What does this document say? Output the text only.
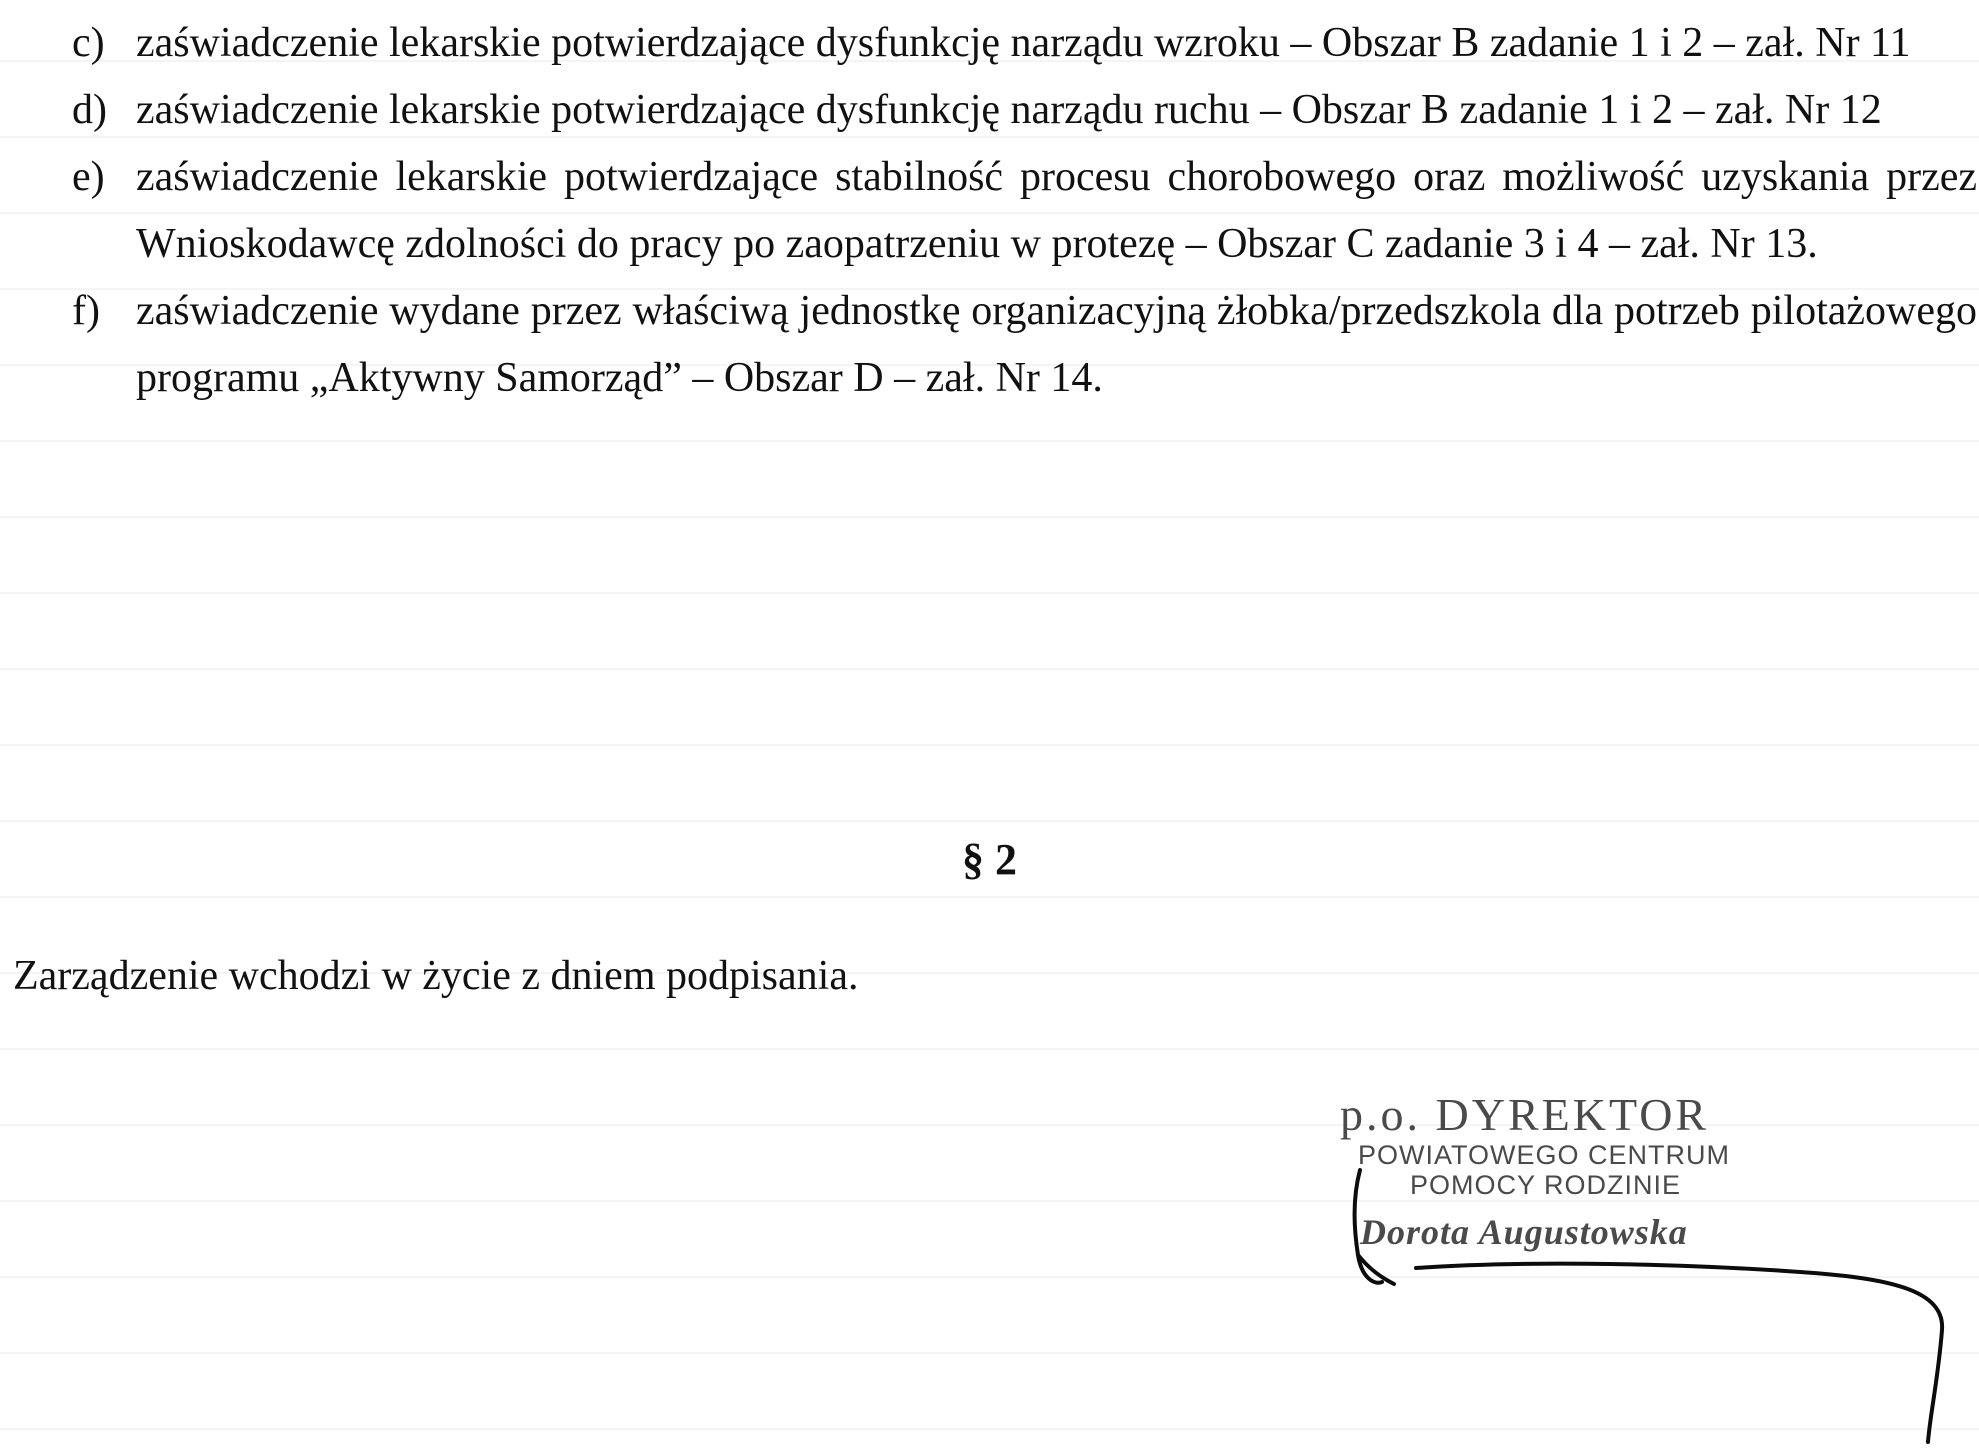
c) zaświadczenie lekarskie potwierdzające dysfunkcję narządu wzroku – Obszar B zadanie 1 i 2 – zał. Nr 11
d) zaświadczenie lekarskie potwierdzające dysfunkcję narządu ruchu – Obszar B zadanie 1 i 2 – zał. Nr 12
e) zaświadczenie lekarskie potwierdzające stabilność procesu chorobowego oraz możliwość uzyskania przez Wnioskodawcę zdolności do pracy po zaopatrzeniu w protezę – Obszar C zadanie 3 i 4 – zał. Nr 13.
f) zaświadczenie wydane przez właściwą jednostkę organizacyjną żłobka/przedszkola dla potrzeb pilotażowego programu „Aktywny Samorząd” – Obszar D – zał. Nr 14.
§ 2
Zarządzenie wchodzi w życie z dniem podpisania.
p.o. DYREKTOR
POWIATOWEGO CENTRUM
POMOCY RODZINIE
Dorota Augustowska
